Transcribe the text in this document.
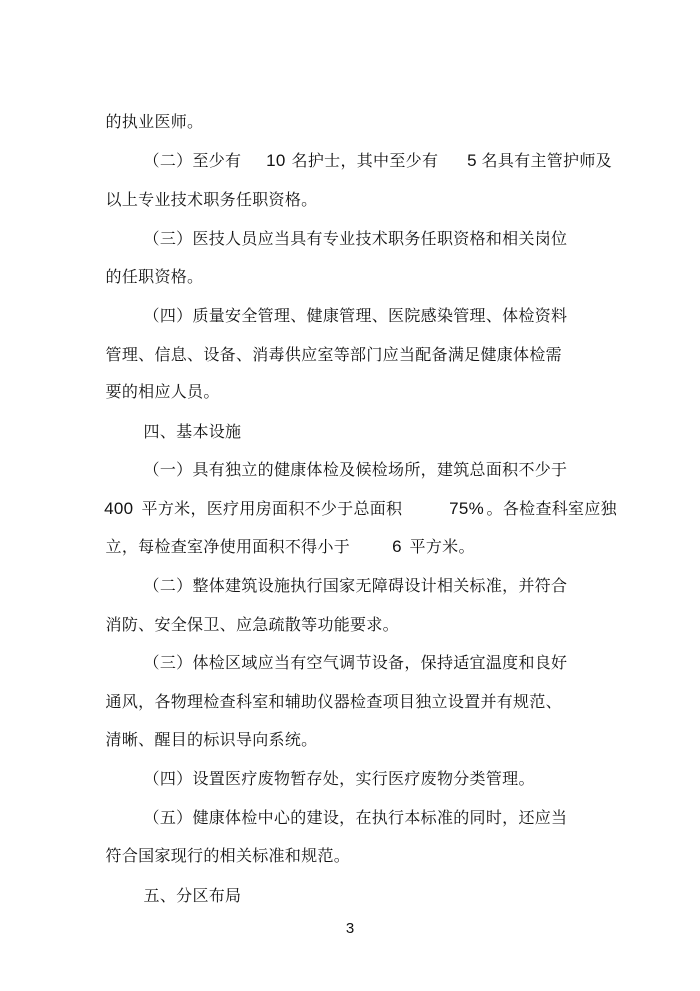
的执业医师。

（二）至少有
	10
名护士，其中至少有
	5
名具有主管护师及

以上专业技术职务任职资格。

（三）医技人员应当具有专业技术职务任职资格和相关岗位

的任职资格。

（四）质量安全管理、健康管理、医院感染管理、体检资料

管理、信息、设备、消毒供应室等部门应当配备满足健康体检需

要的相应人员。

四、基本设施

（一）具有独立的健康体检及候检场所，建筑总面积不少于

400
平方米，医疗用房面积不少于总面积
	75%
。各检查科室应独

立，每检查室净使用面积不得小于
	6
平方米。

（二）整体建筑设施执行国家无障碍设计相关标准，并符合

消防、安全保卫、应急疏散等功能要求。

（三）体检区域应当有空气调节设备，保持适宜温度和良好

通风，各物理检查科室和辅助仪器检查项目独立设置并有规范、

清晰、醒目的标识导向系统。

（四）设置医疗废物暂存处，实行医疗废物分类管理。

（五）健康体检中心的建设，在执行本标准的同时，还应当

符合国家现行的相关标准和规范。

五、分区布局

3
